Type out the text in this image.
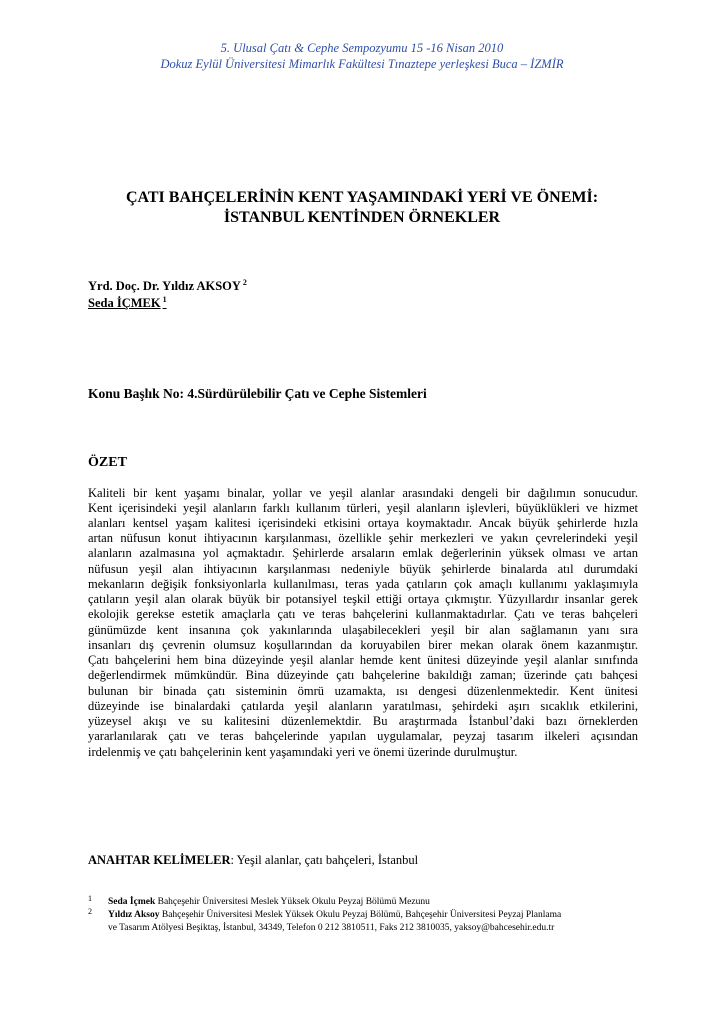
5. Ulusal Çatı & Cephe Sempozyumu 15 -16 Nisan 2010
Dokuz Eylül Üniversitesi Mimarlık Fakültesi Tınaztepe yerleşkesi Buca – İZMİR
ÇATI BAHÇELERİNİN KENT YAŞAMINDAKİ YERİ VE ÖNEMİ:
İSTANBUL KENTİNDEN ÖRNEKLER
Yrd. Doç. Dr. Yıldız AKSOY $^2$
Seda İÇMEK $^1$
Konu Başlık No: 4.Sürdürülebilir Çatı ve Cephe Sistemleri
ÖZET
Kaliteli bir kent yaşamı binalar, yollar ve yeşil alanlar arasındaki dengeli bir dağılımın sonucudur.
Kent içerisindeki yeşil alanların farklı kullanım türleri, yeşil alanların işlevleri, büyüklükleri ve hizmet
alanları kentsel yaşam kalitesi içerisindeki etkisini ortaya koymaktadır. Ancak büyük şehirlerde hızla
artan nüfusun konut ihtiyacının karşılanması, özellikle şehir merkezleri ve yakın çevrelerindeki yeşil
alanların azalmasına yol açmaktadır. Şehirlerde arsaların emlak değerlerinin yüksek olması ve artan
nüfusun yeşil alan ihtiyacının karşılanması nedeniyle büyük şehirlerde binalarda atıl durumdaki
mekanların değişik fonksiyonlarla kullanılması, teras yada çatıların çok amaçlı kullanımı yaklaşımıyla
çatıların yeşil alan olarak büyük bir potansiyel teşkil ettiği ortaya çıkmıştır. Yüzyıllardır insanlar gerek
ekolojik gerekse estetik amaçlarla çatı ve teras bahçelerini kullanmaktadırlar. Çatı ve teras bahçeleri
günümüzde kent insanına çok yakınlarında ulaşabilecekleri yeşil bir alan sağlamanın yanı sıra
insanları dış çevrenin olumsuz koşullarından da koruyabilen birer mekan olarak önem kazanmıştır.
Çatı bahçelerini hem bina düzeyinde yeşil alanlar hemde kent ünitesi düzeyinde yeşil alanlar sınıfında
değerlendirmek mümkündür. Bina düzeyinde çatı bahçelerine bakıldığı zaman; üzerinde çatı bahçesi
bulunan bir binada çatı sisteminin ömrü uzamakta, ısı dengesi düzenlenmektedir. Kent ünitesi
düzeyinde ise binalardaki çatılarda yeşil alanların yaratılması, şehirdeki aşırı sıcaklık etkilerini,
yüzeysel akışı ve su kalitesini düzenlemektdir. Bu araştırmada İstanbul’daki bazı örneklerden
yararlanılarak çatı ve teras bahçelerinde yapılan uygulamalar, peyzaj tasarım ilkeleri açısından
irdelenmiş ve çatı bahçelerinin kent yaşamındaki yeri ve önemi üzerinde durulmuştur.
ANAHTAR KELİMELER: Yeşil alanlar, çatı bahçeleri, İstanbul
1 Seda İçmek Bahçeşehir Üniversitesi Meslek Yüksek Okulu Peyzaj Bölümü Mezunu
2 Yıldız Aksoy Bahçeşehir Üniversitesi Meslek Yüksek Okulu Peyzaj Bölümü, Bahçeşehir Üniversitesi Peyzaj Planlama
ve Tasarım Atölyesi Beşiktaş, İstanbul, 34349, Telefon 0 212 3810511, Faks 212 3810035, yaksoy@bahcesehir.edu.tr
